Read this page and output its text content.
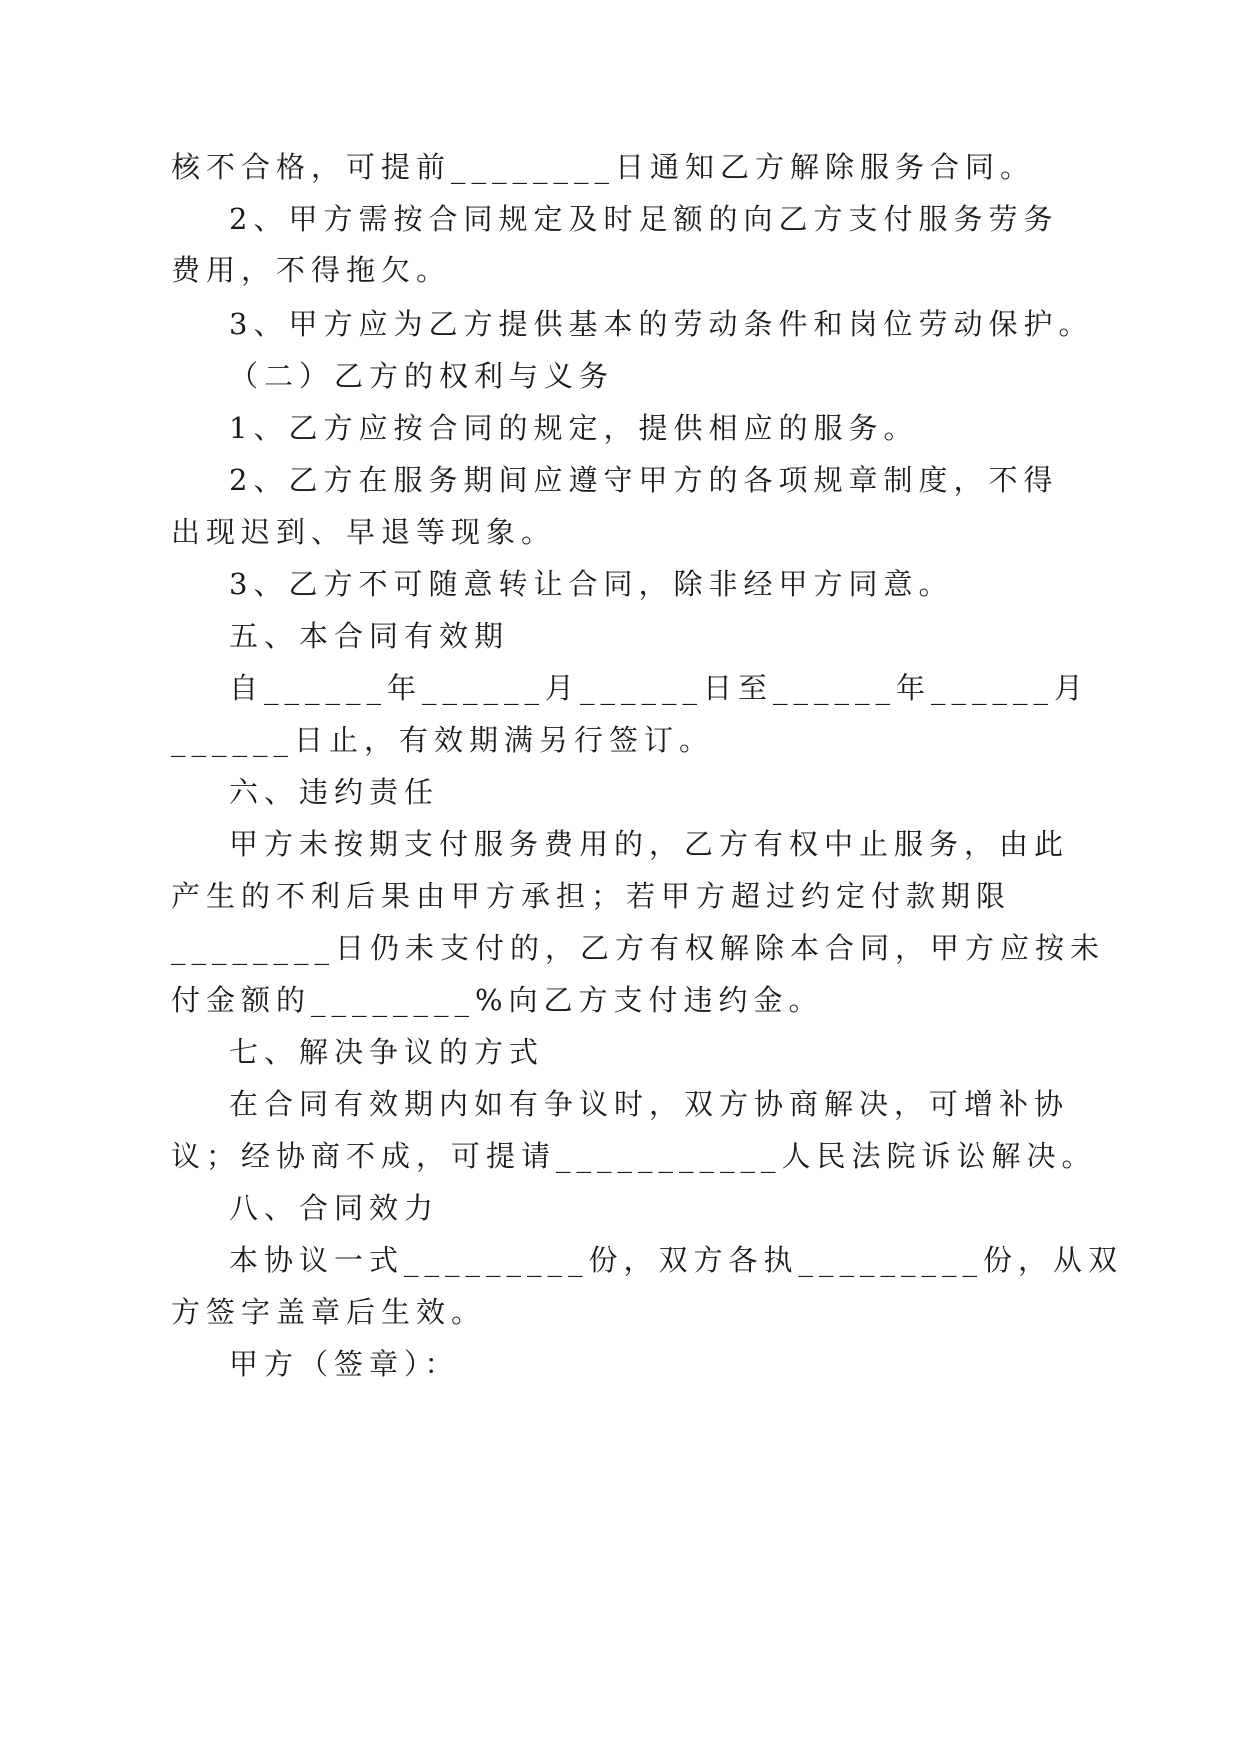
核不合格，可提前________日通知乙方解除服务合同。

2、甲方需按合同规定及时足额的向乙方支付服务劳务

费用，不得拖欠。

3、甲方应为乙方提供基本的劳动条件和岗位劳动保护。

（二）乙方的权利与义务

1、乙方应按合同的规定，提供相应的服务。

2、乙方在服务期间应遵守甲方的各项规章制度，不得

出现迟到、早退等现象。

3、乙方不可随意转让合同，除非经甲方同意。

五、本合同有效期

自______年______月______日至______年______月

______日止，有效期满另行签订。

六、违约责任

甲方未按期支付服务费用的，乙方有权中止服务，由此

产生的不利后果由甲方承担；若甲方超过约定付款期限

________日仍未支付的，乙方有权解除本合同，甲方应按未

付金额的________%向乙方支付违约金。

七、解决争议的方式

在合同有效期内如有争议时，双方协商解决，可增补协

议；经协商不成，可提请___________人民法院诉讼解决。

八、合同效力

本协议一式_________份，双方各执_________份，从双

方签字盖章后生效。

甲方（签章）：
